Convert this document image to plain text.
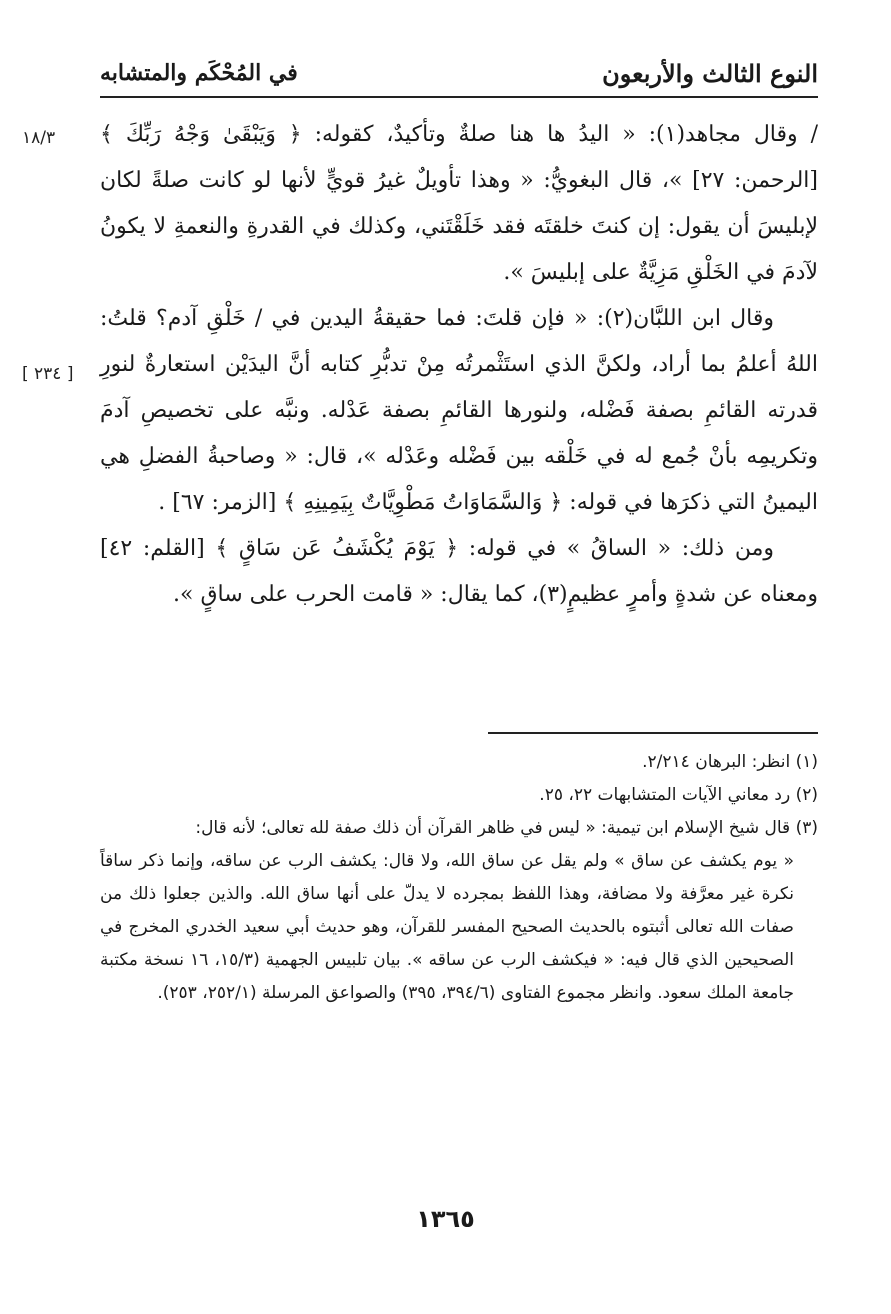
النوع الثالث والأربعون
في المُحْكَم والمتشابه
١٨/٣
[ ٢٣٤ ]

/ وقال مجاهد(١): « اليدُ ها هنا صلةٌ وتأكيدٌ، كقوله: ﴿ وَيَبْقَىٰ وَجْهُ رَبِّكَ ﴾ [الرحمن: ٢٧] »، قال البغويُّ: « وهذا تأويلٌ غيرُ قويٍّ لأنها لو كانت صلةً لكان لإبليسَ أن يقول: إن كنتَ خلقتَه فقد خَلَقْتَني، وكذلك في القدرةِ والنعمةِ لا يكونُ لآدمَ في الخَلْقِ مَزِيَّةٌ على إبليسَ ».

وقال ابن اللبَّان(٢): « فإن قلتَ: فما حقيقةُ اليدين في / خَلْقِ آدم؟ قلتُ: اللهُ أعلمُ بما أراد، ولكنَّ الذي استَثْمرتُه مِنْ تدبُّرِ كتابه أنَّ اليدَيْن استعارةٌ لنورِ قدرته القائمِ بصفة فَضْله، ولنورها القائمِ بصفة عَدْله. ونبَّه على تخصيصِ آدمَ وتكريمِه بأنْ جُمع له في خَلْقه بين فَضْله وعَدْله »، قال: « وصاحبةُ الفضلِ هي اليمينُ التي ذكرَها في قوله: ﴿ وَالسَّمَاوَاتُ مَطْوِيَّاتٌ بِيَمِينِهِ ﴾ [الزمر: ٦٧] .

ومن ذلك: « الساقُ » في قوله: ﴿ يَوْمَ يُكْشَفُ عَن سَاقٍ ﴾ [القلم: ٤٢] ومعناه عن شدةٍ وأمرٍ عظيمٍ(٣)، كما يقال: « قامت الحرب على ساقٍ ».

(١) انظر: البرهان ٢/٢١٤.

(٢) رد معاني الآيات المتشابهات ٢٢، ٢٥.

(٣) قال شيخ الإسلام ابن تيمية: « ليس في ظاهر القرآن أن ذلك صفة لله تعالى؛ لأنه قال:

« يوم يكشف عن ساق » ولم يقل عن ساق الله، ولا قال: يكشف الرب عن ساقه، وإنما ذكر ساقاً نكرة غير معرَّفة ولا مضافة، وهذا اللفظ بمجرده لا يدلّ على أنها ساق الله. والذين جعلوا ذلك من صفات الله تعالى أثبتوه بالحديث الصحيح المفسر للقرآن، وهو حديث أبي سعيد الخدري المخرج في الصحيحين الذي قال فيه: « فيكشف الرب عن ساقه ». بيان تلبيس الجهمية (١٥/٣، ١٦ نسخة مكتبة جامعة الملك سعود. وانظر مجموع الفتاوى (٣٩٤/٦، ٣٩٥) والصواعق المرسلة (٢٥٢/١، ٢٥٣).

١٣٦٥
